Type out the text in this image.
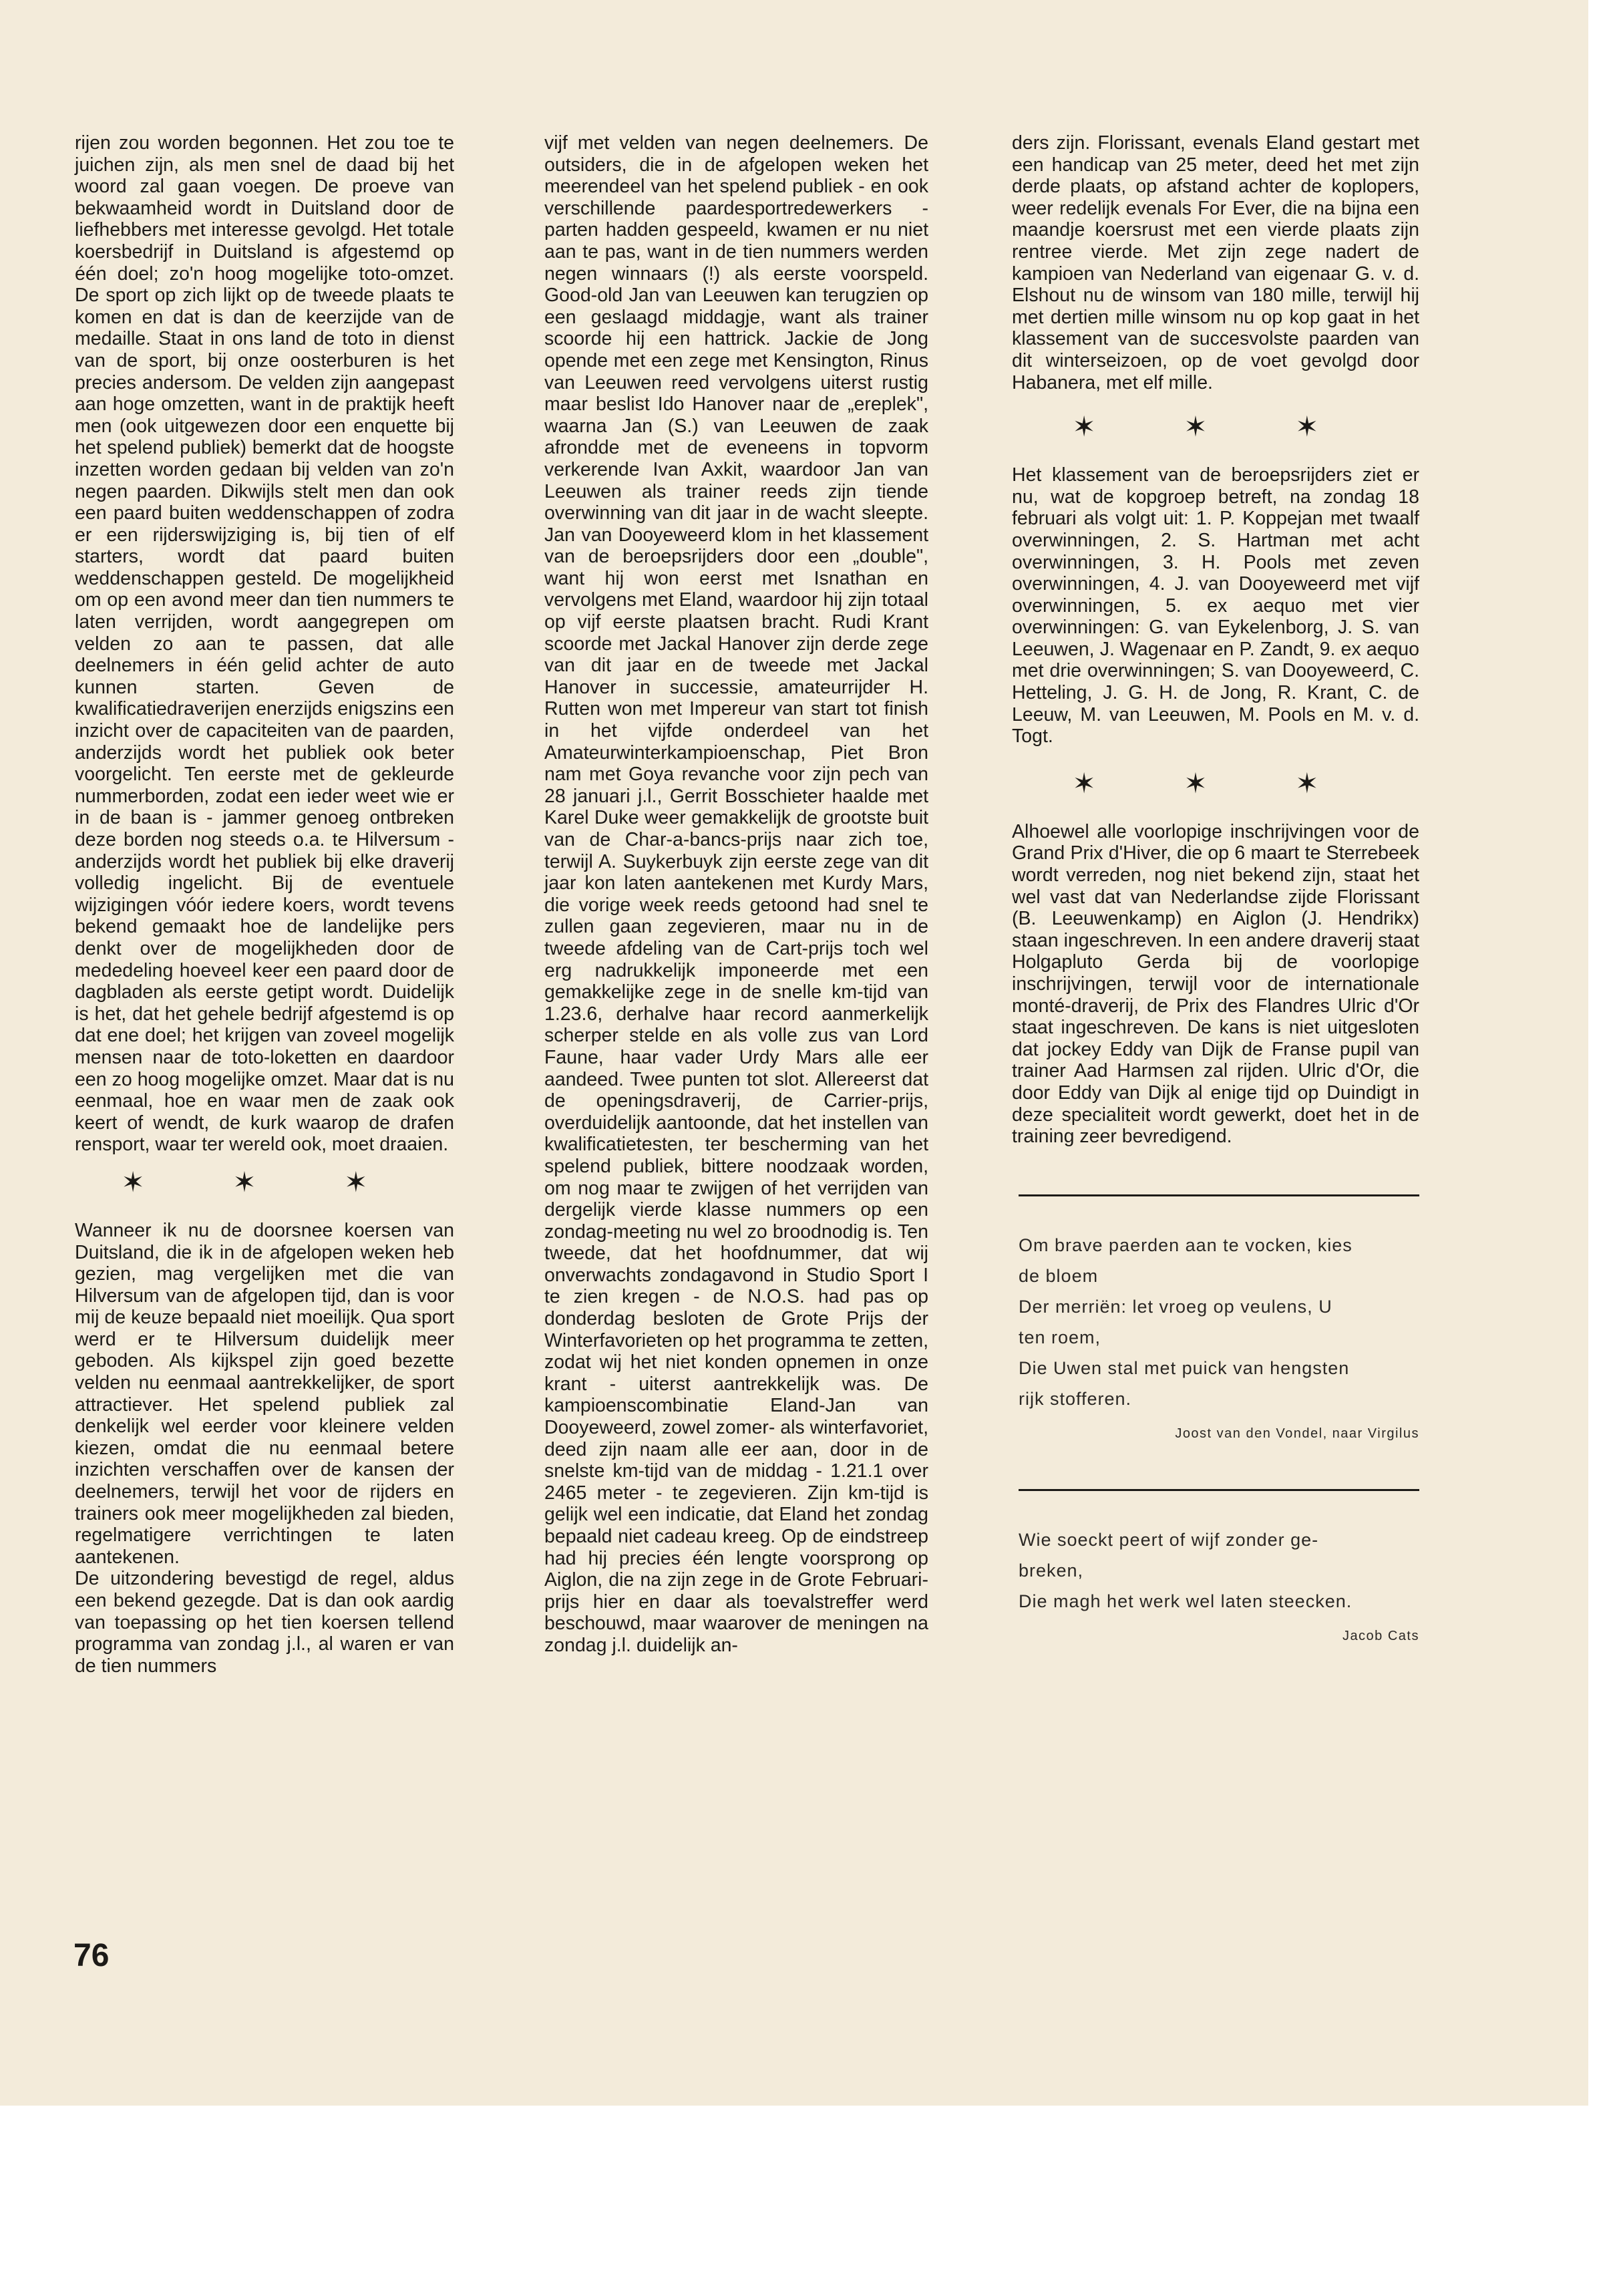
rijen zou worden begonnen. Het zou toe te juichen zijn, als men snel de daad bij het woord zal gaan voegen. De proeve van bekwaamheid wordt in Duitsland door de liefhebbers met interesse gevolgd. Het totale koersbedrijf in Duitsland is afgestemd op één doel; zo'n hoog mogelijke toto-omzet. De sport op zich lijkt op de tweede plaats te komen en dat is dan de keerzijde van de medaille. Staat in ons land de toto in dienst van de sport, bij onze oosterburen is het precies andersom. De velden zijn aangepast aan hoge omzetten, want in de praktijk heeft men (ook uitgewezen door een enquette bij het spelend publiek) bemerkt dat de hoogste inzetten worden gedaan bij velden van zo'n negen paarden. Dikwijls stelt men dan ook een paard buiten weddenschappen of zodra er een rijderswijziging is, bij tien of elf starters, wordt dat paard buiten weddenschappen gesteld. De mogelijkheid om op een avond meer dan tien nummers te laten verrijden, wordt aangegrepen om velden zo aan te passen, dat alle deelnemers in één gelid achter de auto kunnen starten. Geven de kwalificatiedraverijen enerzijds enigszins een inzicht over de capaciteiten van de paarden, anderzijds wordt het publiek ook beter voorgelicht. Ten eerste met de gekleurde nummerborden, zodat een ieder weet wie er in de baan is - jammer genoeg ontbreken deze borden nog steeds o.a. te Hilversum - anderzijds wordt het publiek bij elke draverij volledig ingelicht. Bij de eventuele wijzigingen vóór iedere koers, wordt tevens bekend gemaakt hoe de landelijke pers denkt over de mogelijkheden door de mededeling hoeveel keer een paard door de dagbladen als eerste getipt wordt. Duidelijk is het, dat het gehele bedrijf afgestemd is op dat ene doel; het krijgen van zoveel mogelijk mensen naar de toto-loketten en daardoor een zo hoog mogelijke omzet. Maar dat is nu eenmaal, hoe en waar men de zaak ook keert of wendt, de kurk waarop de drafen rensport, waar ter wereld ook, moet draaien.

✶ ✶ ✶

Wanneer ik nu de doorsnee koersen van Duitsland, die ik in de afgelopen weken heb gezien, mag vergelijken met die van Hilversum van de afgelopen tijd, dan is voor mij de keuze bepaald niet moeilijk. Qua sport werd er te Hilversum duidelijk meer geboden. Als kijkspel zijn goed bezette velden nu eenmaal aantrekkelijker, de sport attractiever. Het spelend publiek zal denkelijk wel eerder voor kleinere velden kiezen, omdat die nu eenmaal betere inzichten verschaffen over de kansen der deelnemers, terwijl het voor de rijders en trainers ook meer mogelijkheden zal bieden, regelmatigere verrichtingen te laten aantekenen.

De uitzondering bevestigd de regel, aldus een bekend gezegde. Dat is dan ook aardig van toepassing op het tien koersen tellend programma van zondag j.l., al waren er van de tien nummers

vijf met velden van negen deelnemers. De outsiders, die in de afgelopen weken het meerendeel van het spelend publiek - en ook verschillende paardesportredewerkers - parten hadden gespeeld, kwamen er nu niet aan te pas, want in de tien nummers werden negen winnaars (!) als eerste voorspeld. Good-old Jan van Leeuwen kan terugzien op een geslaagd middagje, want als trainer scoorde hij een hattrick. Jackie de Jong opende met een zege met Kensington, Rinus van Leeuwen reed vervolgens uiterst rustig maar beslist Ido Hanover naar de „ereplek", waarna Jan (S.) van Leeuwen de zaak afrondde met de eveneens in topvorm verkerende Ivan Axkit, waardoor Jan van Leeuwen als trainer reeds zijn tiende overwinning van dit jaar in de wacht sleepte. Jan van Dooyeweerd klom in het klassement van de beroepsrijders door een „double", want hij won eerst met Isnathan en vervolgens met Eland, waardoor hij zijn totaal op vijf eerste plaatsen bracht. Rudi Krant scoorde met Jackal Hanover zijn derde zege van dit jaar en de tweede met Jackal Hanover in successie, amateurrijder H. Rutten won met Impereur van start tot finish in het vijfde onderdeel van het Amateurwinterkampioenschap, Piet Bron nam met Goya revanche voor zijn pech van 28 januari j.l., Gerrit Bosschieter haalde met Karel Duke weer gemakkelijk de grootste buit van de Char-a-bancs-prijs naar zich toe, terwijl A. Suykerbuyk zijn eerste zege van dit jaar kon laten aantekenen met Kurdy Mars, die vorige week reeds getoond had snel te zullen gaan zegevieren, maar nu in de tweede afdeling van de Cart-prijs toch wel erg nadrukkelijk imponeerde met een gemakkelijke zege in de snelle km-tijd van 1.23.6, derhalve haar record aanmerkelijk scherper stelde en als volle zus van Lord Faune, haar vader Urdy Mars alle eer aandeed. Twee punten tot slot. Allereerst dat de openingsdraverij, de Carrier-prijs, overduidelijk aantoonde, dat het instellen van kwalificatietesten, ter bescherming van het spelend publiek, bittere noodzaak worden, om nog maar te zwijgen of het verrijden van dergelijk vierde klasse nummers op een zondag-meeting nu wel zo broodnodig is. Ten tweede, dat het hoofdnummer, dat wij onverwachts zondagavond in Studio Sport I te zien kregen - de N.O.S. had pas op donderdag besloten de Grote Prijs der Winterfavorieten op het programma te zetten, zodat wij het niet konden opnemen in onze krant - uiterst aantrekkelijk was. De kampioenscombinatie Eland-Jan van Dooyeweerd, zowel zomer- als winterfavoriet, deed zijn naam alle eer aan, door in de snelste km-tijd van de middag - 1.21.1 over 2465 meter - te zegevieren. Zijn km-tijd is gelijk wel een indicatie, dat Eland het zondag bepaald niet cadeau kreeg. Op de eindstreep had hij precies één lengte voorsprong op Aiglon, die na zijn zege in de Grote Februari-prijs hier en daar als toevalstreffer werd beschouwd, maar waarover de meningen na zondag j.l. duidelijk an-

ders zijn. Florissant, evenals Eland gestart met een handicap van 25 meter, deed het met zijn derde plaats, op afstand achter de koplopers, weer redelijk evenals For Ever, die na bijna een maandje koersrust met een vierde plaats zijn rentree vierde. Met zijn zege nadert de kampioen van Nederland van eigenaar G. v. d. Elshout nu de winsom van 180 mille, terwijl hij met dertien mille winsom nu op kop gaat in het klassement van de succesvolste paarden van dit winterseizoen, op de voet gevolgd door Habanera, met elf mille.

✶ ✶ ✶

Het klassement van de beroepsrijders ziet er nu, wat de kopgroep betreft, na zondag 18 februari als volgt uit: 1. P. Koppejan met twaalf overwinningen, 2. S. Hartman met acht overwinningen, 3. H. Pools met zeven overwinningen, 4. J. van Dooyeweerd met vijf overwinningen, 5. ex aequo met vier overwinningen: G. van Eykelenborg, J. S. van Leeuwen, J. Wagenaar en P. Zandt, 9. ex aequo met drie overwinningen; S. van Dooyeweerd, C. Hetteling, J. G. H. de Jong, R. Krant, C. de Leeuw, M. van Leeuwen, M. Pools en M. v. d. Togt.

✶ ✶ ✶

Alhoewel alle voorlopige inschrijvingen voor de Grand Prix d'Hiver, die op 6 maart te Sterrebeek wordt verreden, nog niet bekend zijn, staat het wel vast dat van Nederlandse zijde Florissant (B. Leeuwenkamp) en Aiglon (J. Hendrikx) staan ingeschreven. In een andere draverij staat Holgapluto Gerda bij de voorlopige inschrijvingen, terwijl voor de internationale monté-draverij, de Prix des Flandres Ulric d'Or staat ingeschreven. De kans is niet uitgesloten dat jockey Eddy van Dijk de Franse pupil van trainer Aad Harmsen zal rijden. Ulric d'Or, die door Eddy van Dijk al enige tijd op Duindigt in deze specialiteit wordt gewerkt, doet het in de training zeer bevredigend.

Om brave paerden aan te vocken, kies
de bloem
Der merriën: let vroeg op veulens, U
ten roem,
Die Uwen stal met puick van hengsten
rijk stofferen.
Joost van den Vondel, naar Virgilus
Wie soeckt peert of wijf zonder ge-
breken,
Die magh het werk wel laten steecken.
Jacob Cats
76
